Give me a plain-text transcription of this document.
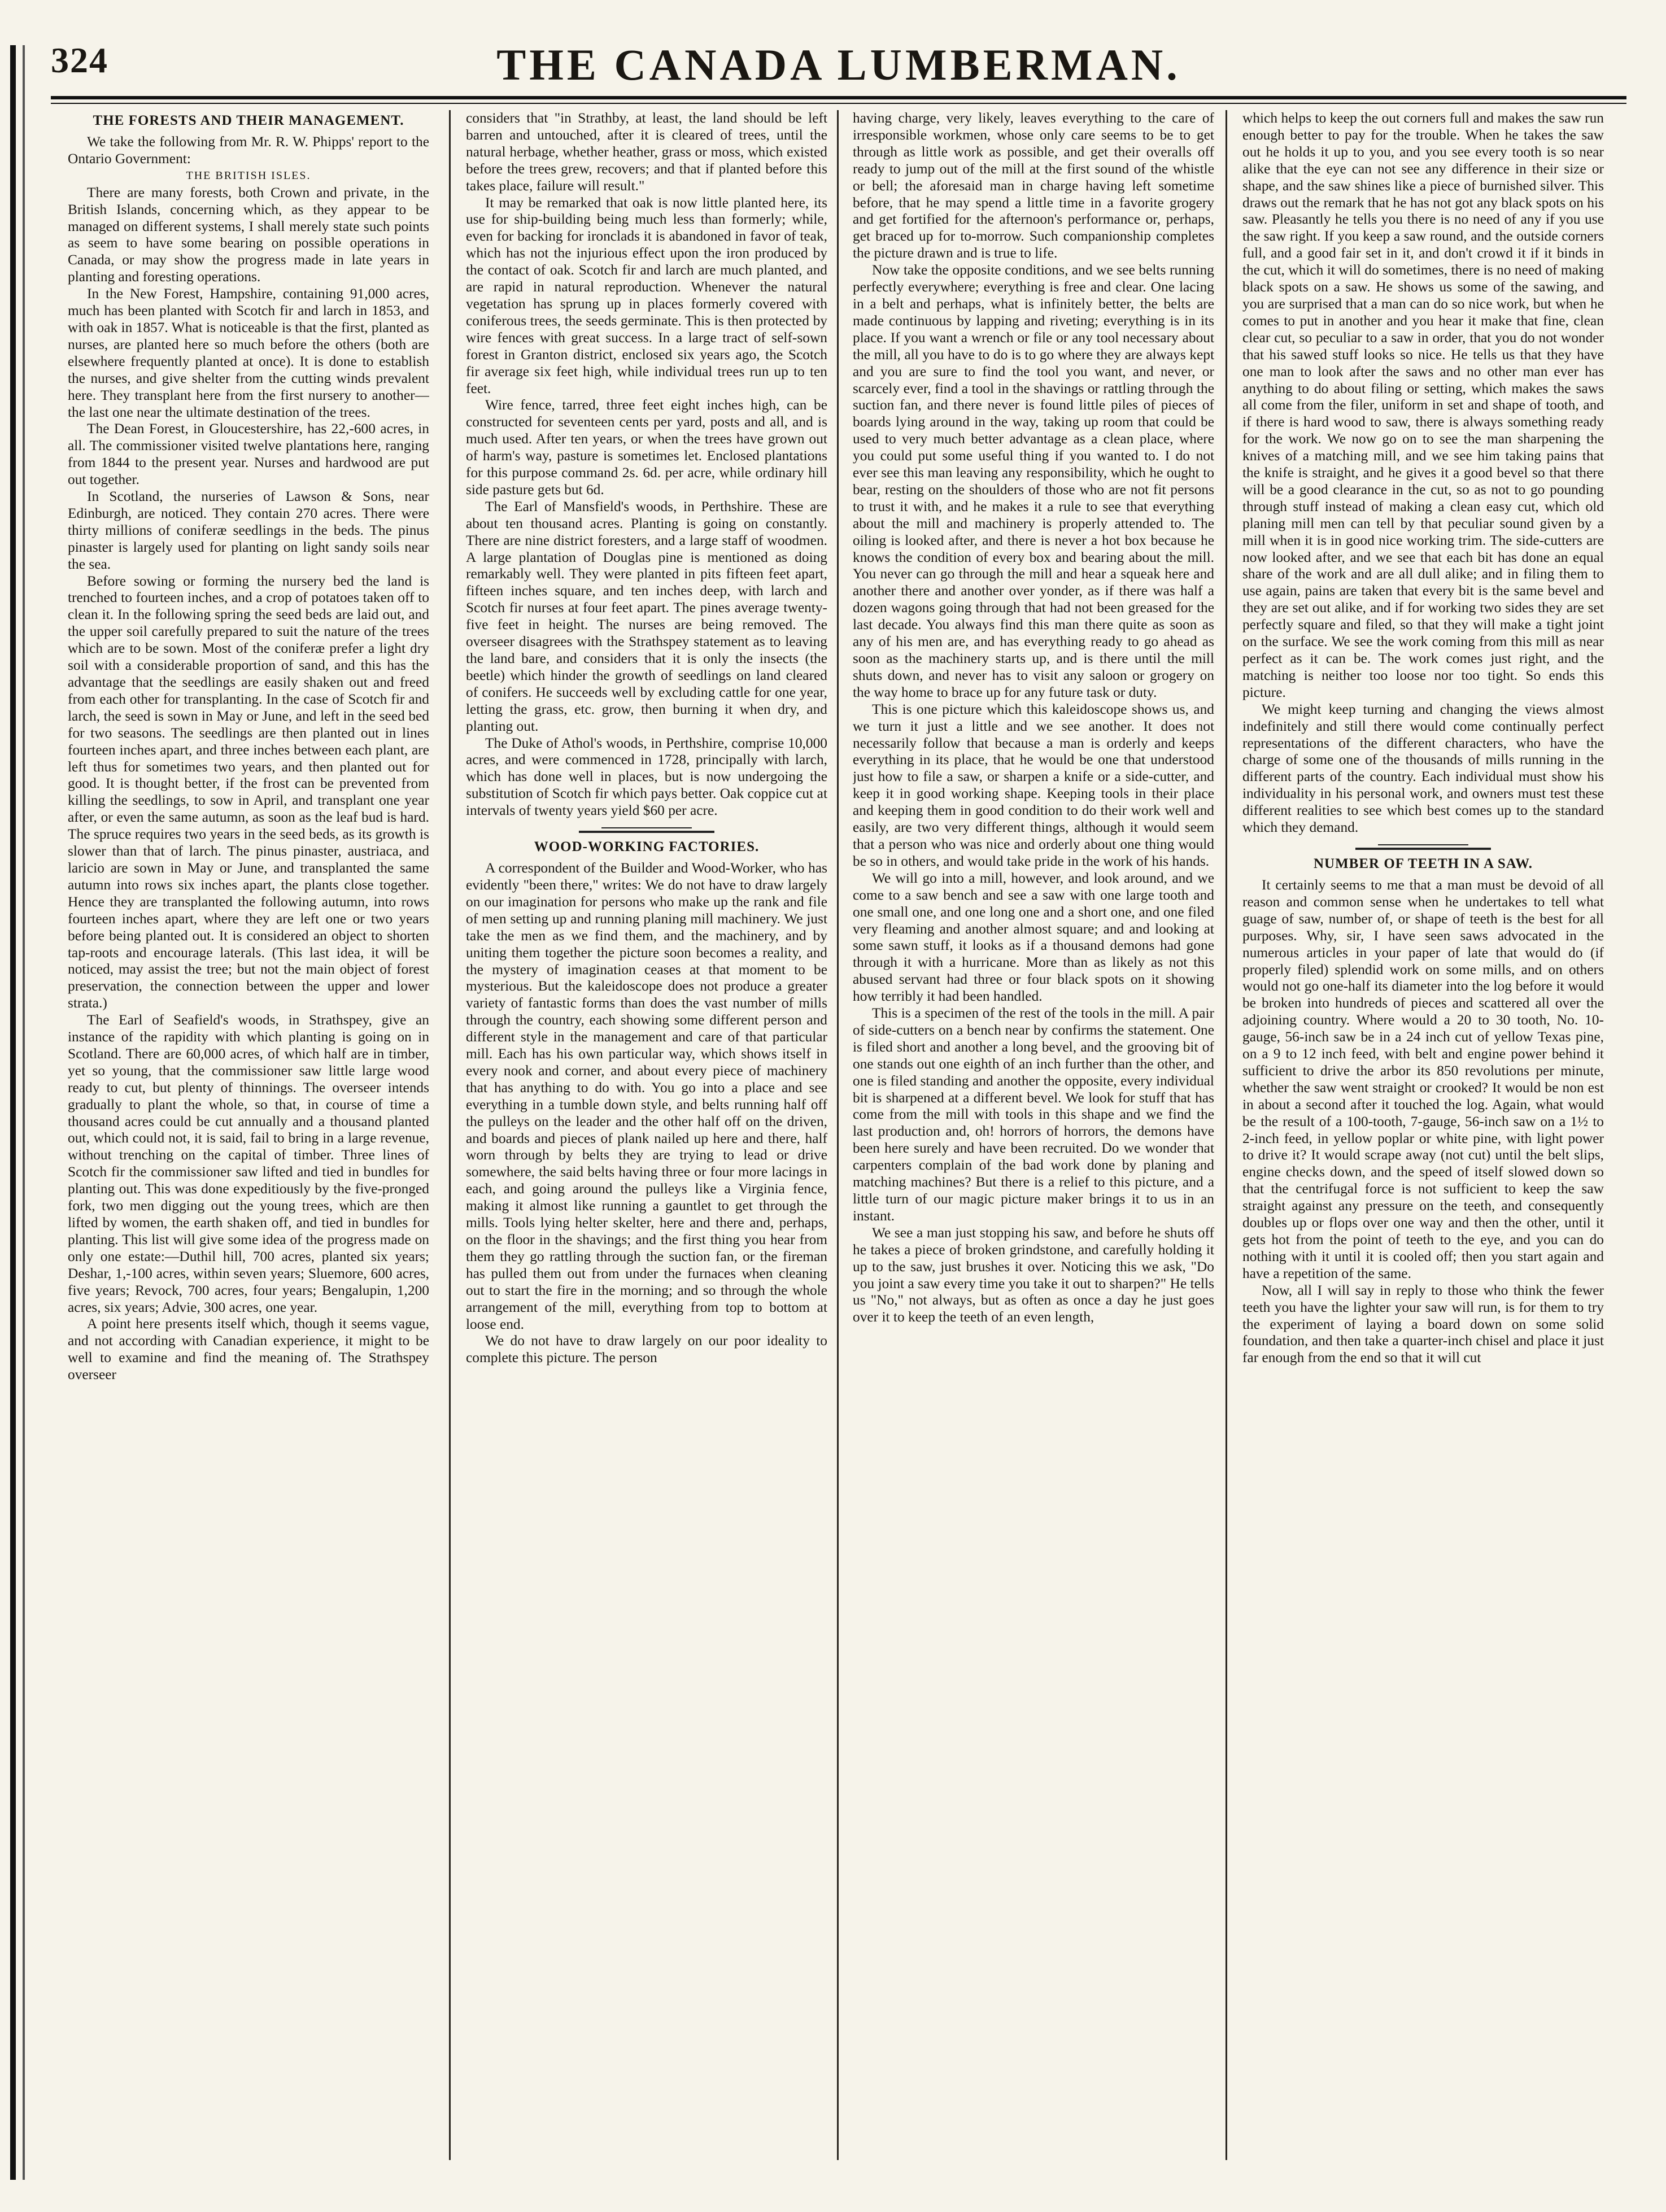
THE CANADA LUMBERMAN.
324
THE FORESTS AND THEIR MANAGEMENT.

We take the following from Mr. R. W. Phipps' report to the Ontario Government:

THE BRITISH ISLES.

There are many forests, both Crown and private, in the British Islands, concerning which, as they appear to be managed on different systems, I shall merely state such points as seem to have some bearing on possible operations in Canada, or may show the progress made in late years in planting and foresting operations.

In the New Forest, Hampshire, containing 91,000 acres, much has been planted with Scotch fir and larch in 1853, and with oak in 1857. What is noticeable is that the first, planted as nurses, are planted here so much before the others (both are elsewhere frequently planted at once). It is done to establish the nurses, and give shelter from the cutting winds prevalent here. They transplant here from the first nursery to another—the last one near the ultimate destination of the trees.

The Dean Forest, in Gloucestershire, has 22,-600 acres, in all. The commissioner visited twelve plantations here, ranging from 1844 to the present year. Nurses and hardwood are put out together.

In Scotland, the nurseries of Lawson & Sons, near Edinburgh, are noticed. They contain 270 acres. There were thirty millions of coniferæ seedlings in the beds. The pinus pinaster is largely used for planting on light sandy soils near the sea.

Before sowing or forming the nursery bed the land is trenched to fourteen inches, and a crop of potatoes taken off to clean it. In the following spring the seed beds are laid out, and the upper soil carefully prepared to suit the nature of the trees which are to be sown. Most of the coniferæ prefer a light dry soil with a considerable proportion of sand, and this has the advantage that the seedlings are easily shaken out and freed from each other for transplanting. In the case of Scotch fir and larch, the seed is sown in May or June, and left in the seed bed for two seasons. The seedlings are then planted out in lines fourteen inches apart, and three inches between each plant, are left thus for sometimes two years, and then planted out for good. It is thought better, if the frost can be prevented from killing the seedlings, to sow in April, and transplant one year after, or even the same autumn, as soon as the leaf bud is hard. The spruce requires two years in the seed beds, as its growth is slower than that of larch. The pinus pinaster, austriaca, and laricio are sown in May or June, and transplanted the same autumn into rows six inches apart, the plants close together. Hence they are transplanted the following autumn, into rows fourteen inches apart, where they are left one or two years before being planted out. It is considered an object to shorten tap-roots and encourage laterals. (This last idea, it will be noticed, may assist the tree; but not the main object of forest preservation, the connection between the upper and lower strata.)

The Earl of Seafield's woods, in Strathspey, give an instance of the rapidity with which planting is going on in Scotland. There are 60,000 acres, of which half are in timber, yet so young, that the commissioner saw little large wood ready to cut, but plenty of thinnings. The overseer intends gradually to plant the whole, so that, in course of time a thousand acres could be cut annually and a thousand planted out, which could not, it is said, fail to bring in a large revenue, without trenching on the capital of timber. Three lines of Scotch fir the commissioner saw lifted and tied in bundles for planting out. This was done expeditiously by the five-pronged fork, two men digging out the young trees, which are then lifted by women, the earth shaken off, and tied in bundles for planting. This list will give some idea of the progress made on only one estate:—Duthil hill, 700 acres, planted six years; Deshar, 1,-100 acres, within seven years; Sluemore, 600 acres, five years; Revock, 700 acres, four years; Bengalupin, 1,200 acres, six years; Advie, 300 acres, one year.

A point here presents itself which, though it seems vague, and not according with Canadian experience, it might to be well to examine and find the meaning of. The Strathspey overseer

considers that "in Strathby, at least, the land should be left barren and untouched, after it is cleared of trees, until the natural herbage, whether heather, grass or moss, which existed before the trees grew, recovers; and that if planted before this takes place, failure will result."

It may be remarked that oak is now little planted here, its use for ship-building being much less than formerly; while, even for backing for ironclads it is abandoned in favor of teak, which has not the injurious effect upon the iron produced by the contact of oak. Scotch fir and larch are much planted, and are rapid in natural reproduction. Whenever the natural vegetation has sprung up in places formerly covered with coniferous trees, the seeds germinate. This is then protected by wire fences with great success. In a large tract of self-sown forest in Granton district, enclosed six years ago, the Scotch fir average six feet high, while individual trees run up to ten feet.

Wire fence, tarred, three feet eight inches high, can be constructed for seventeen cents per yard, posts and all, and is much used. After ten years, or when the trees have grown out of harm's way, pasture is sometimes let. Enclosed plantations for this purpose command 2s. 6d. per acre, while ordinary hill side pasture gets but 6d.

The Earl of Mansfield's woods, in Perthshire. These are about ten thousand acres. Planting is going on constantly. There are nine district foresters, and a large staff of woodmen. A large plantation of Douglas pine is mentioned as doing remarkably well. They were planted in pits fifteen feet apart, fifteen inches square, and ten inches deep, with larch and Scotch fir nurses at four feet apart. The pines average twenty-five feet in height. The nurses are being removed. The overseer disagrees with the Strathspey statement as to leaving the land bare, and considers that it is only the insects (the beetle) which hinder the growth of seedlings on land cleared of conifers. He succeeds well by excluding cattle for one year, letting the grass, etc. grow, then burning it when dry, and planting out.

The Duke of Athol's woods, in Perthshire, comprise 10,000 acres, and were commenced in 1728, principally with larch, which has done well in places, but is now undergoing the substitution of Scotch fir which pays better. Oak coppice cut at intervals of twenty years yield $60 per acre.

WOOD-WORKING FACTORIES.

A correspondent of the Builder and Wood-Worker, who has evidently "been there," writes: We do not have to draw largely on our imagination for persons who make up the rank and file of men setting up and running planing mill machinery. We just take the men as we find them, and the machinery, and by uniting them together the picture soon becomes a reality, and the mystery of imagination ceases at that moment to be mysterious. But the kaleidoscope does not produce a greater variety of fantastic forms than does the vast number of mills through the country, each showing some different person and different style in the management and care of that particular mill. Each has his own particular way, which shows itself in every nook and corner, and about every piece of machinery that has anything to do with. You go into a place and see everything in a tumble down style, and belts running half off the pulleys on the leader and the other half off on the driven, and boards and pieces of plank nailed up here and there, half worn through by belts they are trying to lead or drive somewhere, the said belts having three or four more lacings in each, and going around the pulleys like a Virginia fence, making it almost like running a gauntlet to get through the mills. Tools lying helter skelter, here and there and, perhaps, on the floor in the shavings; and the first thing you hear from them they go rattling through the suction fan, or the fireman has pulled them out from under the furnaces when cleaning out to start the fire in the morning; and so through the whole arrangement of the mill, everything from top to bottom at loose end.

We do not have to draw largely on our poor ideality to complete this picture. The person

having charge, very likely, leaves everything to the care of irresponsible workmen, whose only care seems to be to get through as little work as possible, and get their overalls off ready to jump out of the mill at the first sound of the whistle or bell; the aforesaid man in charge having left sometime before, that he may spend a little time in a favorite grogery and get fortified for the afternoon's performance or, perhaps, get braced up for to-morrow. Such companionship completes the picture drawn and is true to life.

Now take the opposite conditions, and we see belts running perfectly everywhere; everything is free and clear. One lacing in a belt and perhaps, what is infinitely better, the belts are made continuous by lapping and riveting; everything is in its place. If you want a wrench or file or any tool necessary about the mill, all you have to do is to go where they are always kept and you are sure to find the tool you want, and never, or scarcely ever, find a tool in the shavings or rattling through the suction fan, and there never is found little piles of pieces of boards lying around in the way, taking up room that could be used to very much better advantage as a clean place, where you could put some useful thing if you wanted to. I do not ever see this man leaving any responsibility, which he ought to bear, resting on the shoulders of those who are not fit persons to trust it with, and he makes it a rule to see that everything about the mill and machinery is properly attended to. The oiling is looked after, and there is never a hot box because he knows the condition of every box and bearing about the mill. You never can go through the mill and hear a squeak here and another there and another over yonder, as if there was half a dozen wagons going through that had not been greased for the last decade. You always find this man there quite as soon as any of his men are, and has everything ready to go ahead as soon as the machinery starts up, and is there until the mill shuts down, and never has to visit any saloon or grogery on the way home to brace up for any future task or duty.

This is one picture which this kaleidoscope shows us, and we turn it just a little and we see another. It does not necessarily follow that because a man is orderly and keeps everything in its place, that he would be one that understood just how to file a saw, or sharpen a knife or a side-cutter, and keep it in good working shape. Keeping tools in their place and keeping them in good condition to do their work well and easily, are two very different things, although it would seem that a person who was nice and orderly about one thing would be so in others, and would take pride in the work of his hands.

We will go into a mill, however, and look around, and we come to a saw bench and see a saw with one large tooth and one small one, and one long one and a short one, and one filed very fleaming and another almost square; and and looking at some sawn stuff, it looks as if a thousand demons had gone through it with a hurricane. More than as likely as not this abused servant had three or four black spots on it showing how terribly it had been handled.

This is a specimen of the rest of the tools in the mill. A pair of side-cutters on a bench near by confirms the statement. One is filed short and another a long bevel, and the grooving bit of one stands out one eighth of an inch further than the other, and one is filed standing and another the opposite, every individual bit is sharpened at a different bevel. We look for stuff that has come from the mill with tools in this shape and we find the last production and, oh! horrors of horrors, the demons have been here surely and have been recruited. Do we wonder that carpenters complain of the bad work done by planing and matching machines? But there is a relief to this picture, and a little turn of our magic picture maker brings it to us in an instant.

We see a man just stopping his saw, and before he shuts off he takes a piece of broken grindstone, and carefully holding it up to the saw, just brushes it over. Noticing this we ask, "Do you joint a saw every time you take it out to sharpen?" He tells us "No," not always, but as often as once a day he just goes over it to keep the teeth of an even length,

which helps to keep the out corners full and makes the saw run enough better to pay for the trouble. When he takes the saw out he holds it up to you, and you see every tooth is so near alike that the eye can not see any difference in their size or shape, and the saw shines like a piece of burnished silver. This draws out the remark that he has not got any black spots on his saw. Pleasantly he tells you there is no need of any if you use the saw right. If you keep a saw round, and the outside corners full, and a good fair set in it, and don't crowd it if it binds in the cut, which it will do sometimes, there is no need of making black spots on a saw. He shows us some of the sawing, and you are surprised that a man can do so nice work, but when he comes to put in another and you hear it make that fine, clean clear cut, so peculiar to a saw in order, that you do not wonder that his sawed stuff looks so nice. He tells us that they have one man to look after the saws and no other man ever has anything to do about filing or setting, which makes the saws all come from the filer, uniform in set and shape of tooth, and if there is hard wood to saw, there is always something ready for the work. We now go on to see the man sharpening the knives of a matching mill, and we see him taking pains that the knife is straight, and he gives it a good bevel so that there will be a good clearance in the cut, so as not to go pounding through stuff instead of making a clean easy cut, which old planing mill men can tell by that peculiar sound given by a mill when it is in good nice working trim. The side-cutters are now looked after, and we see that each bit has done an equal share of the work and are all dull alike; and in filing them to use again, pains are taken that every bit is the same bevel and they are set out alike, and if for working two sides they are set perfectly square and filed, so that they will make a tight joint on the surface. We see the work coming from this mill as near perfect as it can be. The work comes just right, and the matching is neither too loose nor too tight. So ends this picture.

We might keep turning and changing the views almost indefinitely and still there would come continually perfect representations of the different characters, who have the charge of some one of the thousands of mills running in the different parts of the country. Each individual must show his individuality in his personal work, and owners must test these different realities to see which best comes up to the standard which they demand.

NUMBER OF TEETH IN A SAW.

It certainly seems to me that a man must be devoid of all reason and common sense when he undertakes to tell what guage of saw, number of, or shape of teeth is the best for all purposes. Why, sir, I have seen saws advocated in the numerous articles in your paper of late that would do (if properly filed) splendid work on some mills, and on others would not go one-half its diameter into the log before it would be broken into hundreds of pieces and scattered all over the adjoining country. Where would a 20 to 30 tooth, No. 10-gauge, 56-inch saw be in a 24 inch cut of yellow Texas pine, on a 9 to 12 inch feed, with belt and engine power behind it sufficient to drive the arbor its 850 revolutions per minute, whether the saw went straight or crooked? It would be non est in about a second after it touched the log. Again, what would be the result of a 100-tooth, 7-gauge, 56-inch saw on a 1½ to 2-inch feed, in yellow poplar or white pine, with light power to drive it? It would scrape away (not cut) until the belt slips, engine checks down, and the speed of itself slowed down so that the centrifugal force is not sufficient to keep the saw straight against any pressure on the teeth, and consequently doubles up or flops over one way and then the other, until it gets hot from the point of teeth to the eye, and you can do nothing with it until it is cooled off; then you start again and have a repetition of the same.

Now, all I will say in reply to those who think the fewer teeth you have the lighter your saw will run, is for them to try the experiment of laying a board down on some solid foundation, and then take a quarter-inch chisel and place it just far enough from the end so that it will cut
